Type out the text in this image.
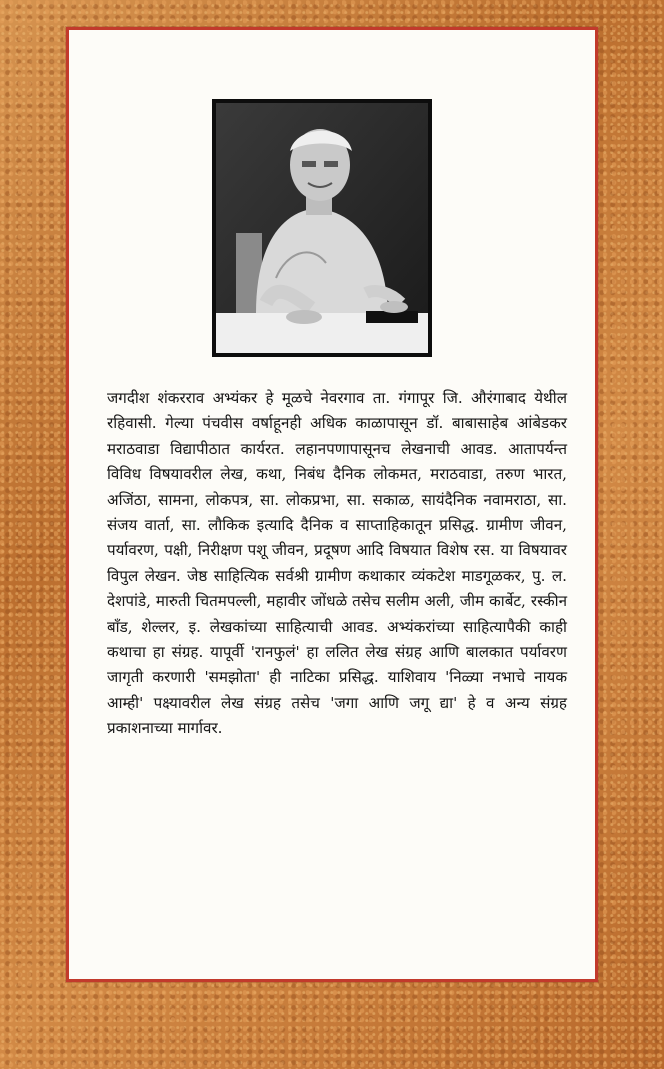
जगदीश शंकरराव अभ्यंकर हे मूळचे नेवरगाव ता. गंगापूर जि. औरंगाबाद येथील रहिवासी. गेल्या पंचवीस वर्षाहूनही अधिक काळापासून डॉ. बाबासाहेब आंबेडकर मराठवाडा विद्यापीठात कार्यरत. लहानपणापासूनच लेखनाची आवड. आतापर्यन्त विविध विषयावरील लेख, कथा, निबंध दैनिक लोकमत, मराठवाडा, तरुण भारत, अजिंठा, सामना, लोकपत्र, सा. लोकप्रभा, सा. सकाळ, सायंदैनिक नवामराठा, सा. संजय वार्ता, सा. लौकिक इत्यादि दैनिक व साप्ताहिकातून प्रसिद्ध. ग्रामीण जीवन, पर्यावरण, पक्षी, निरीक्षण पशू जीवन, प्रदूषण आदि विषयात विशेष रस. या विषयावर विपुल लेखन. जेष्ठ साहित्यिक सर्वश्री ग्रामीण कथाकार व्यंकटेश माडगूळकर, पु. ल. देशपांडे, मारुती चितमपल्ली, महावीर जोंधळे तसेच सलीम अली, जीम कार्बेट, रस्कीन बाँड, शेल्लर, इ. लेखकांच्या साहित्याची आवड. अभ्यंकरांच्या साहित्यापैकी काही कथाचा हा संग्रह. यापूर्वी 'रानफुलं' हा ललित लेख संग्रह आणि बालकात पर्यावरण जागृती करणारी 'समझोता' ही नाटिका प्रसिद्ध. याशिवाय 'निळ्या नभाचे नायक आम्ही' पक्ष्यावरील लेख संग्रह तसेच 'जगा आणि जगू द्या' हे व अन्य संग्रह प्रकाशनाच्या मार्गावर.
